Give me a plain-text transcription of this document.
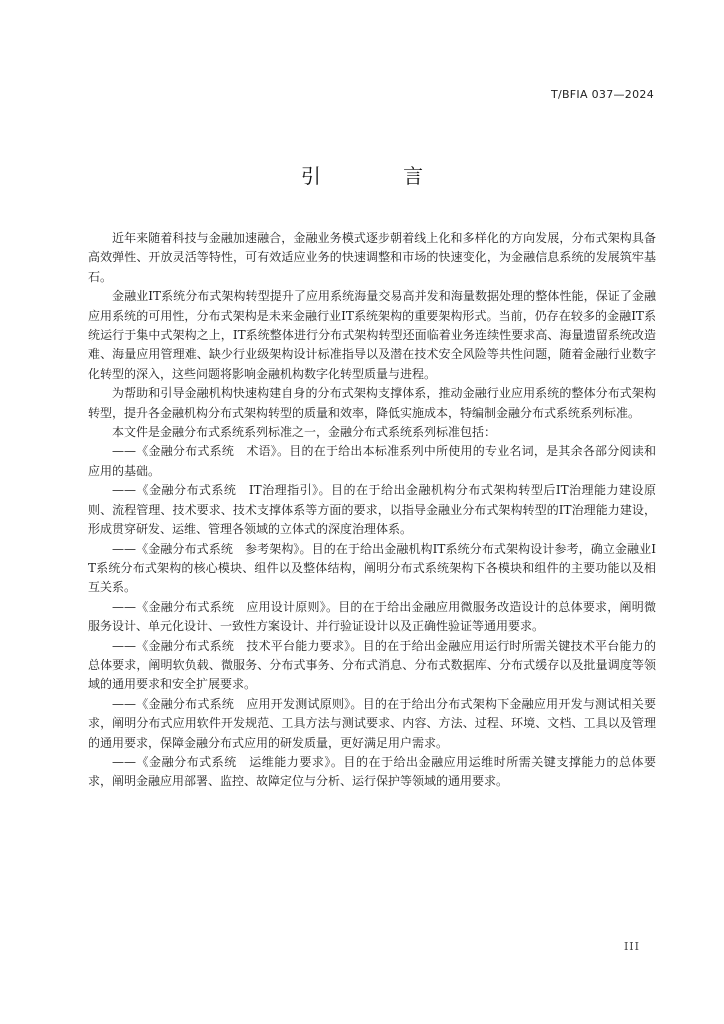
T/BFIA 037—2024
引 言

近年来随着科技与金融加速融合，金融业务模式逐步朝着线上化和多样化的方向发展，分布式架构具备高效弹性、开放灵活等特性，可有效适应业务的快速调整和市场的快速变化，为金融信息系统的发展筑牢基石。

金融业IT系统分布式架构转型提升了应用系统海量交易高并发和海量数据处理的整体性能，保证了金融应用系统的可用性，分布式架构是未来金融行业IT系统架构的重要架构形式。当前，仍存在较多的金融IT系统运行于集中式架构之上，IT系统整体进行分布式架构转型还面临着业务连续性要求高、海量遗留系统改造难、海量应用管理难、缺少行业级架构设计标准指导以及潜在技术安全风险等共性问题，随着金融行业数字化转型的深入，这些问题将影响金融机构数字化转型质量与进程。

为帮助和引导金融机构快速构建自身的分布式架构支撑体系，推动金融行业应用系统的整体分布式架构转型，提升各金融机构分布式架构转型的质量和效率，降低实施成本，特编制金融分布式系统系列标准。

本文件是金融分布式系统系列标准之一，金融分布式系统系列标准包括：

——《金融分布式系统　术语》。目的在于给出本标准系列中所使用的专业名词，是其余各部分阅读和应用的基础。

——《金融分布式系统　IT治理指引》。目的在于给出金融机构分布式架构转型后IT治理能力建设原则、流程管理、技术要求、技术支撑体系等方面的要求，以指导金融业分布式架构转型的IT治理能力建设，形成贯穿研发、运维、管理各领域的立体式的深度治理体系。

——《金融分布式系统　参考架构》。目的在于给出金融机构IT系统分布式架构设计参考，确立金融业IT系统分布式架构的核心模块、组件以及整体结构，阐明分布式系统架构下各模块和组件的主要功能以及相互关系。

——《金融分布式系统　应用设计原则》。目的在于给出金融应用微服务改造设计的总体要求，阐明微服务设计、单元化设计、一致性方案设计、并行验证设计以及正确性验证等通用要求。

——《金融分布式系统　技术平台能力要求》。目的在于给出金融应用运行时所需关键技术平台能力的总体要求，阐明软负载、微服务、分布式事务、分布式消息、分布式数据库、分布式缓存以及批量调度等领域的通用要求和安全扩展要求。

——《金融分布式系统　应用开发测试原则》。目的在于给出分布式架构下金融应用开发与测试相关要求，阐明分布式应用软件开发规范、工具方法与测试要求、内容、方法、过程、环境、文档、工具以及管理的通用要求，保障金融分布式应用的研发质量，更好满足用户需求。

——《金融分布式系统　运维能力要求》。目的在于给出金融应用运维时所需关键支撑能力的总体要求，阐明金融应用部署、监控、故障定位与分析、运行保护等领域的通用要求。

III
